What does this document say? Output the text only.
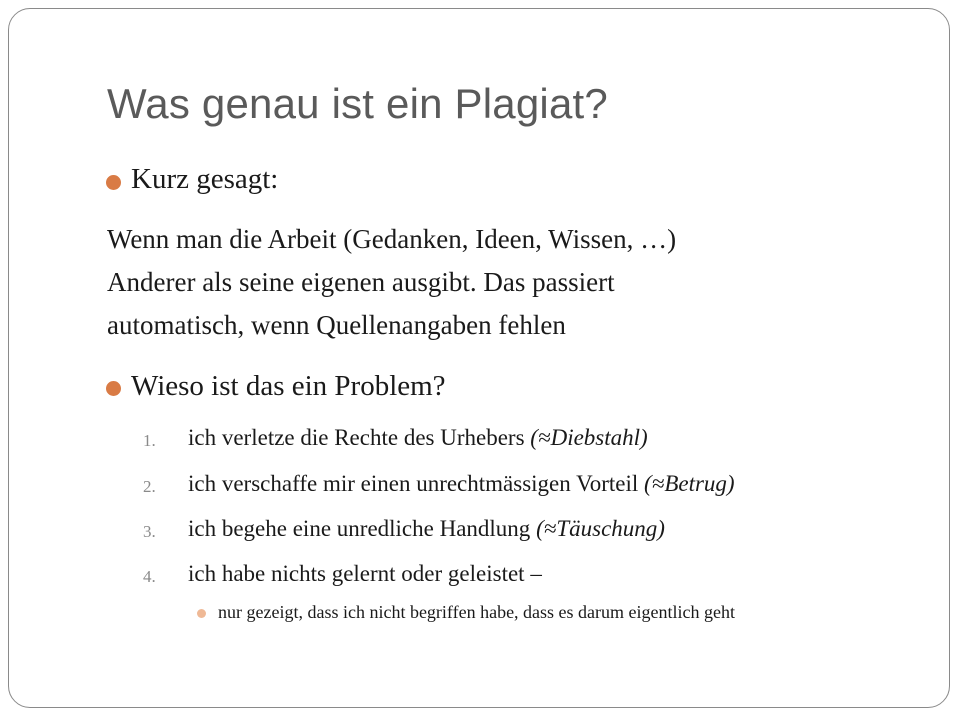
Was genau ist ein Plagiat?
Kurz gesagt:
Wenn man die Arbeit (Gedanken, Ideen, Wissen, …)
Anderer als seine eigenen ausgibt. Das passiert
automatisch, wenn Quellenangaben fehlen
Wieso ist das ein Problem?
1. ich verletze die Rechte des Urhebers (≈Diebstahl)
2. ich verschaffe mir einen unrechtmässigen Vorteil (≈Betrug)
3. ich begehe eine unredliche Handlung (≈Täuschung)
4. ich habe nichts gelernt oder geleistet –
nur gezeigt, dass ich nicht begriffen habe, dass es darum eigentlich geht
